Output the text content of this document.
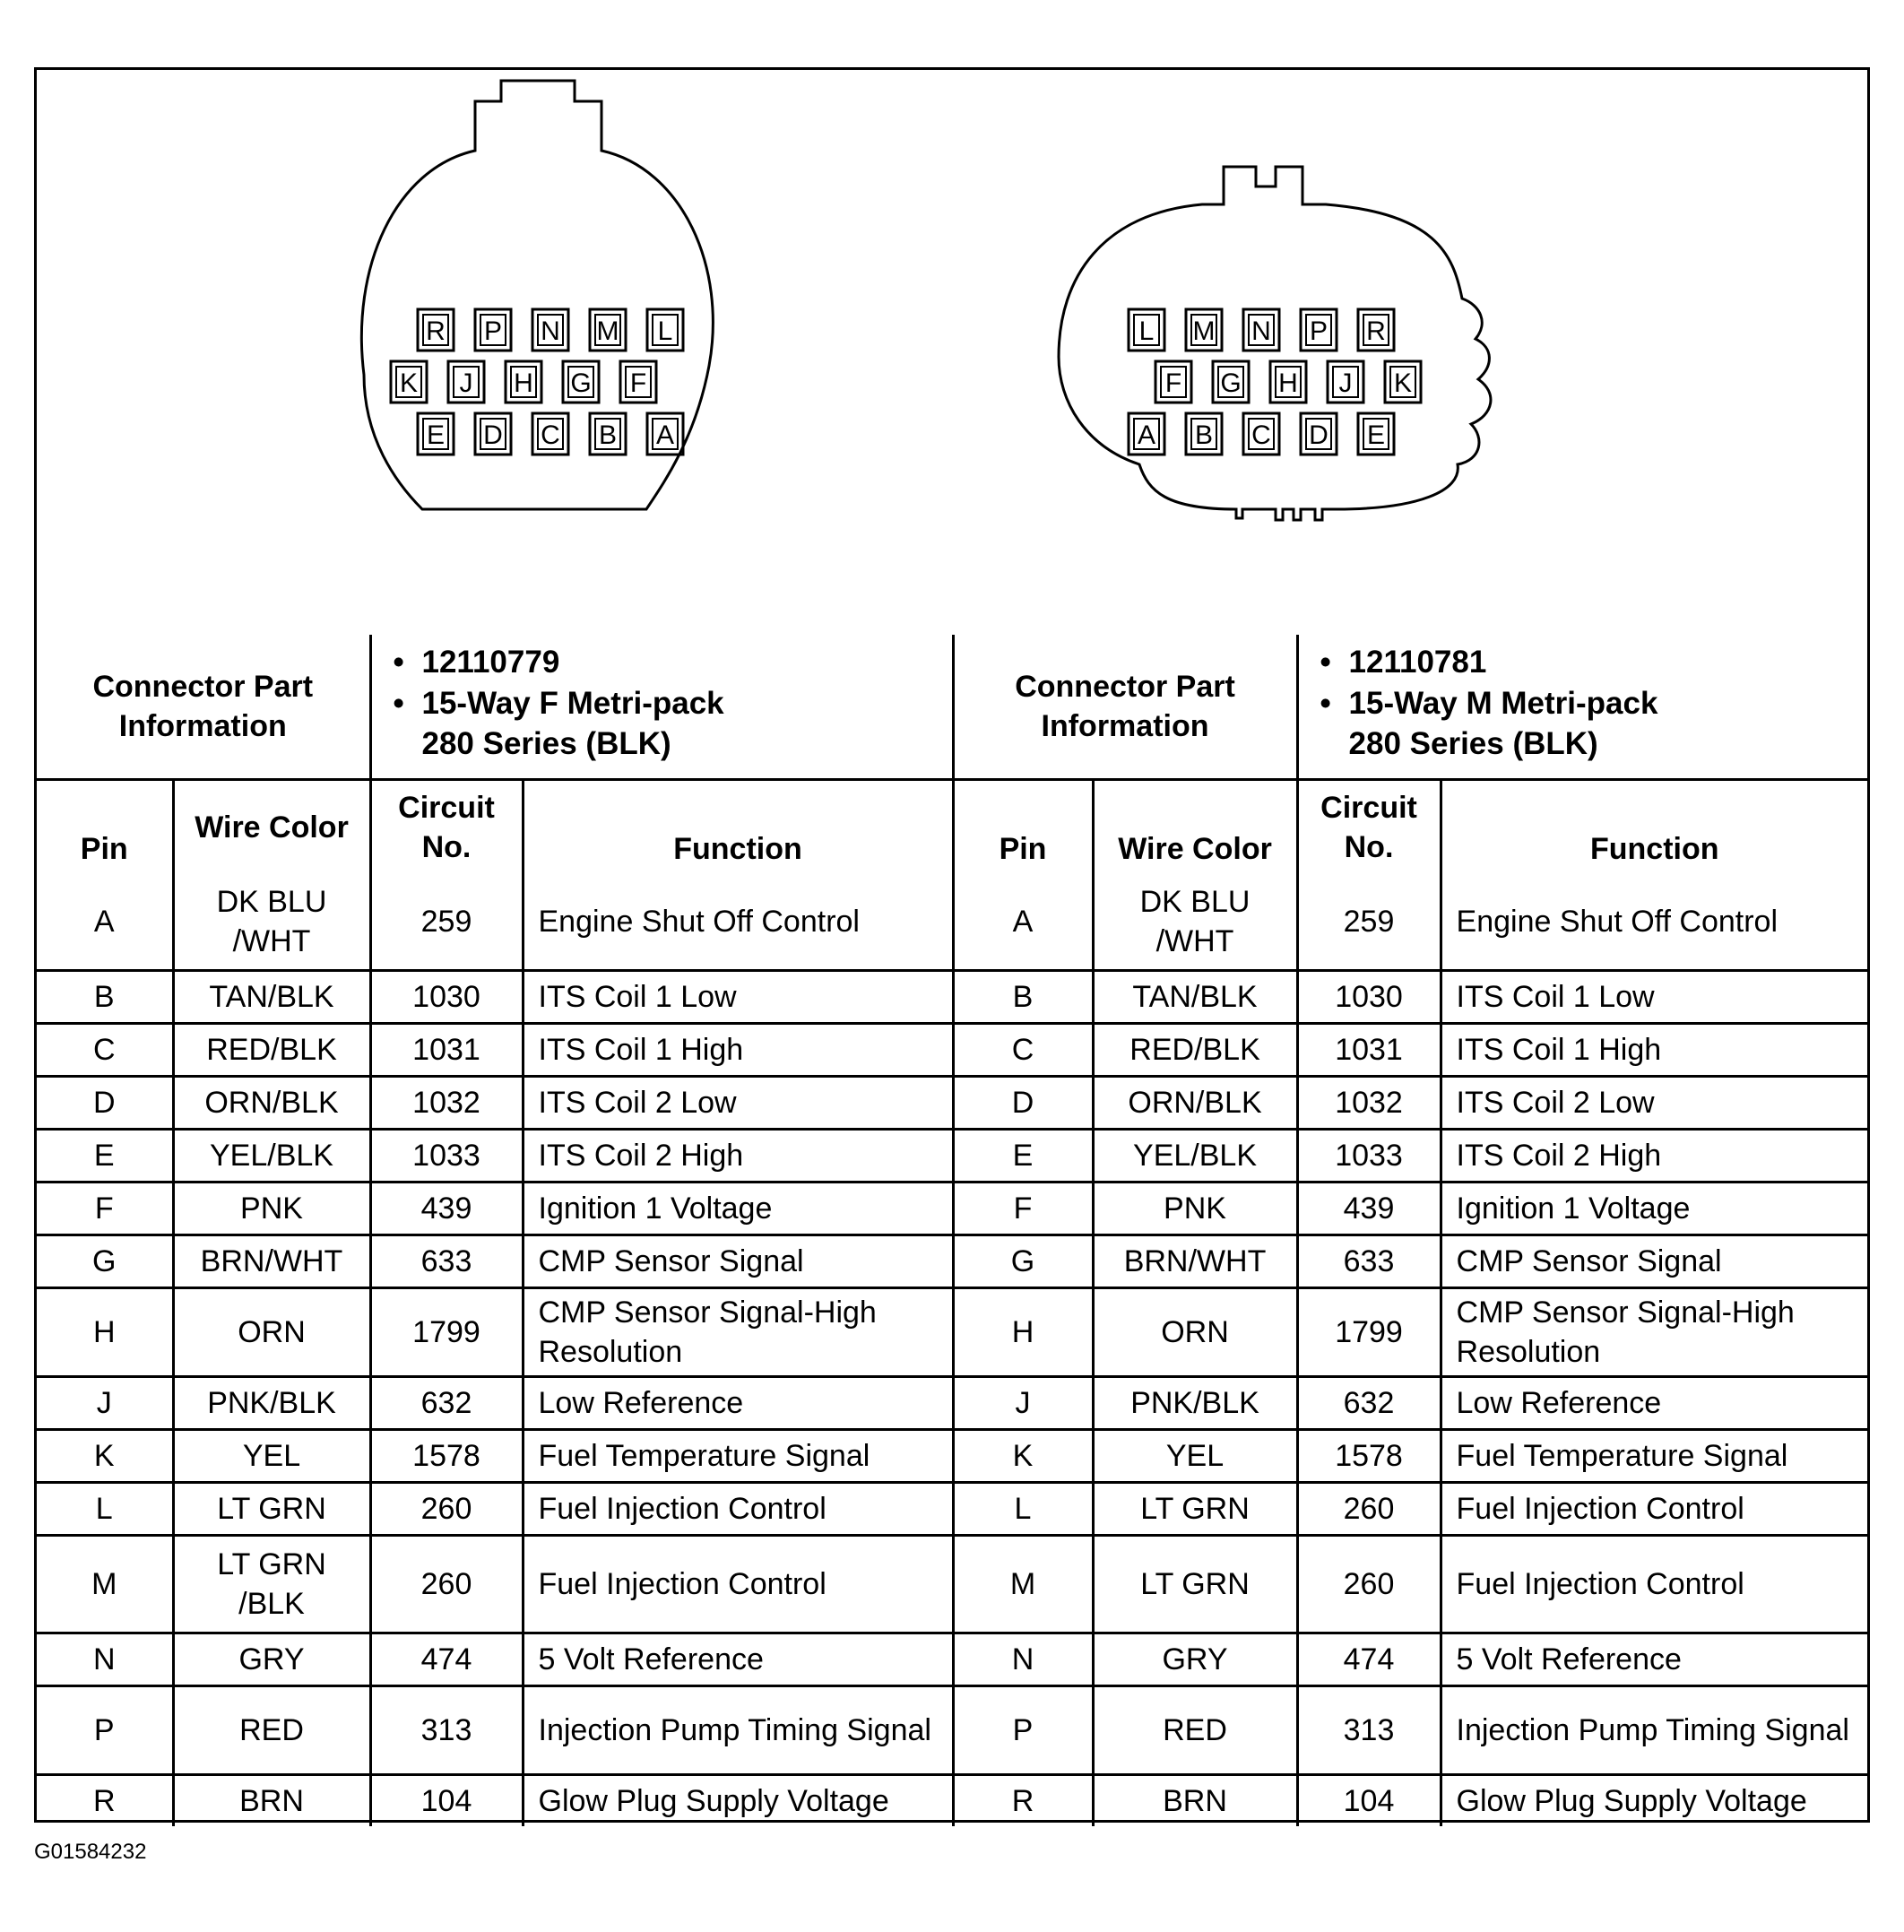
R P N M L
K J H G F
E D C B A
L M N P R
F G H J K
A B C D E
Connector Part Information		• 12110779
• 15-Way F Metri-pack
280 Series (BLK)		Connector Part Information		• 12110781
• 15-Way M Metri-pack
280 Series (BLK)

Pin	Wire Color	Circuit No.	Function	Pin	Wire Color	Circuit No.	Function
A	DK BLU /WHT	259	Engine Shut Off Control	A	DK BLU /WHT	259	Engine Shut Off Control
B	TAN/BLK	1030	ITS Coil 1 Low	B	TAN/BLK	1030	ITS Coil 1 Low
C	RED/BLK	1031	ITS Coil 1 High	C	RED/BLK	1031	ITS Coil 1 High
D	ORN/BLK	1032	ITS Coil 2 Low	D	ORN/BLK	1032	ITS Coil 2 Low
E	YEL/BLK	1033	ITS Coil 2 High	E	YEL/BLK	1033	ITS Coil 2 High
F	PNK	439	Ignition 1 Voltage	F	PNK	439	Ignition 1 Voltage
G	BRN/WHT	633	CMP Sensor Signal	G	BRN/WHT	633	CMP Sensor Signal
H	ORN	1799	CMP Sensor Signal-High Resolution	H	ORN	1799	CMP Sensor Signal-High Resolution
J	PNK/BLK	632	Low Reference	J	PNK/BLK	632	Low Reference
K	YEL	1578	Fuel Temperature Signal	K	YEL	1578	Fuel Temperature Signal
L	LT GRN	260	Fuel Injection Control	L	LT GRN	260	Fuel Injection Control
M	LT GRN /BLK	260	Fuel Injection Control	M	LT GRN	260	Fuel Injection Control
N	GRY	474	5 Volt Reference	N	GRY	474	5 Volt Reference
P	RED	313	Injection Pump Timing Signal	P	RED	313	Injection Pump Timing Signal
R	BRN	104	Glow Plug Supply Voltage	R	BRN	104	Glow Plug Supply Voltage
G01584232
